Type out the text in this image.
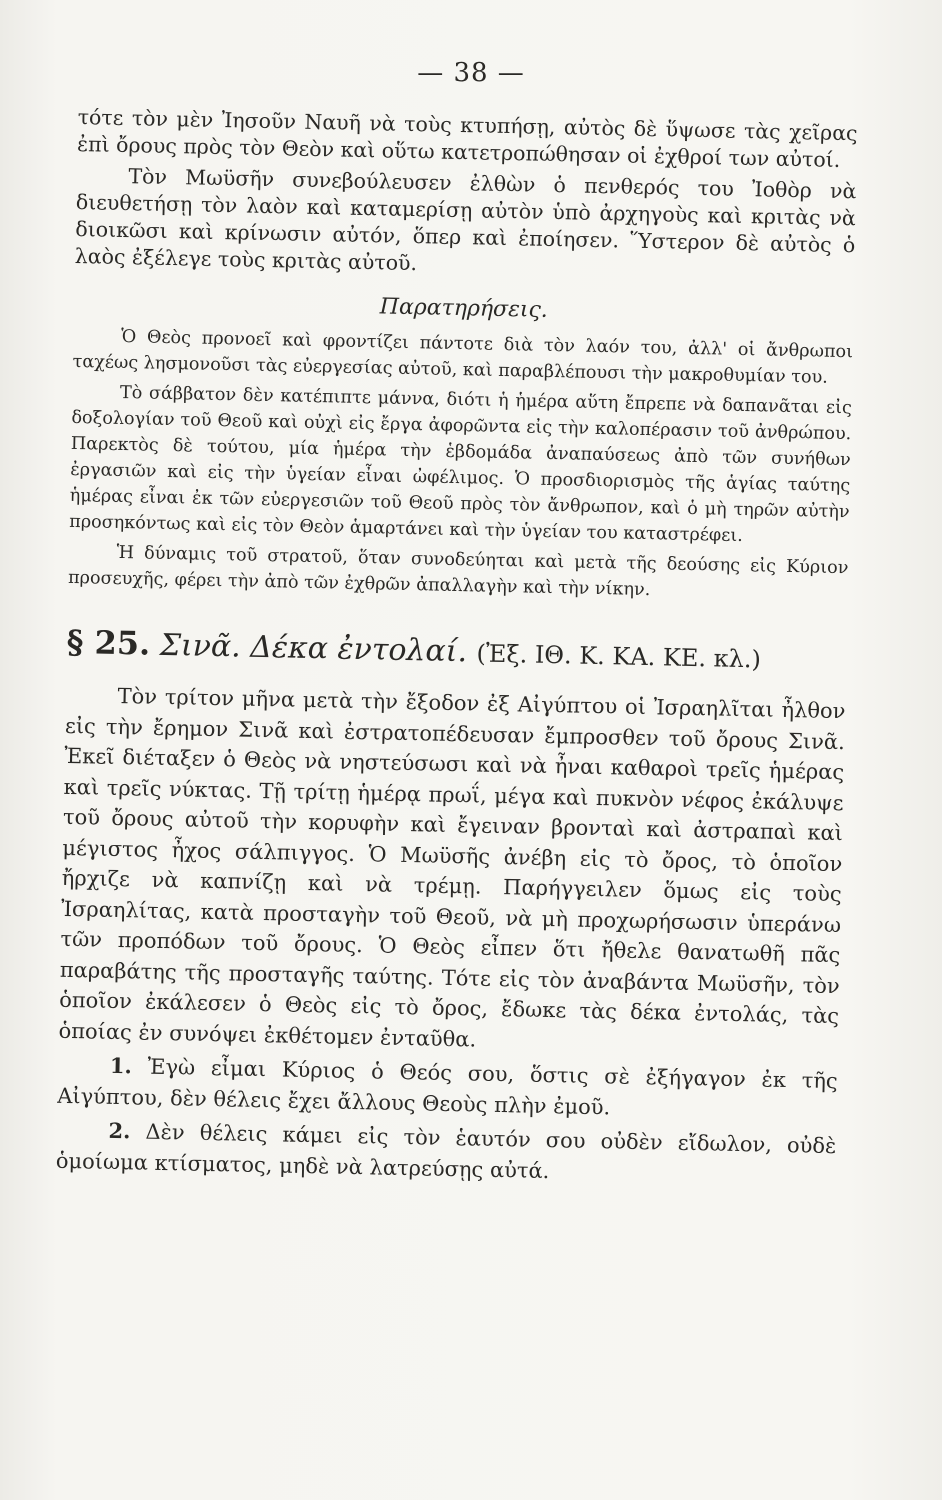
— 38 —

τότε τὸν μὲν Ἰησοῦν Ναυῆ νὰ τοὺς κτυπήσῃ, αὐτὸς δὲ ὕψωσε τὰς χεῖρας ἐπὶ ὄρους πρὸς τὸν Θεὸν καὶ οὕτω κατετροπώθησαν οἱ ἐχθροί των αὐτοί.

Τὸν Μωϋσῆν συνεβούλευσεν ἐλθὼν ὁ πενθερός του Ἰοθὸρ νὰ διευθετήσῃ τὸν λαὸν καὶ καταμερίσῃ αὐτὸν ὑπὸ ἀρχηγοὺς καὶ κριτὰς νὰ διοικῶσι καὶ κρίνωσιν αὐτόν, ὅπερ καὶ ἐποίησεν. Ὕστερον δὲ αὐτὸς ὁ λαὸς ἐξέλεγε τοὺς κριτὰς αὐτοῦ.

Παρατηρήσεις.

Ὁ Θεὸς προνοεῖ καὶ φροντίζει πάντοτε διὰ τὸν λαόν του, ἀλλ' οἱ ἄνθρωποι ταχέως λησμονοῦσι τὰς εὐεργεσίας αὐτοῦ, καὶ παραβλέπουσι τὴν μακροθυμίαν του.

Τὸ σάββατον δὲν κατέπιπτε μάννα, διότι ἡ ἡμέρα αὕτη ἔπρεπε νὰ δαπανᾶται εἰς δοξολογίαν τοῦ Θεοῦ καὶ οὐχὶ εἰς ἔργα ἀφορῶντα εἰς τὴν καλοπέρασιν τοῦ ἀνθρώπου. Παρεκτὸς δὲ τούτου, μία ἡμέρα τὴν ἑβδομάδα ἀναπαύσεως ἀπὸ τῶν συνήθων ἐργασιῶν καὶ εἰς τὴν ὑγείαν εἶναι ὠφέλιμος. Ὁ προσδιορισμὸς τῆς ἁγίας ταύτης ἡμέρας εἶναι ἐκ τῶν εὐεργεσιῶν τοῦ Θεοῦ πρὸς τὸν ἄνθρωπον, καὶ ὁ μὴ τηρῶν αὐτὴν προσηκόντως καὶ εἰς τὸν Θεὸν ἁμαρτάνει καὶ τὴν ὑγείαν του καταστρέφει.

Ἡ δύναμις τοῦ στρατοῦ, ὅταν συνοδεύηται καὶ μετὰ τῆς δεούσης εἰς Κύριον προσευχῆς, φέρει τὴν ἀπὸ τῶν ἐχθρῶν ἀπαλλαγὴν καὶ τὴν νίκην.

§ 25. Σινᾶ. Δέκα ἐντολαί. (Ἐξ. ΙΘ. Κ. ΚΑ. ΚΕ. κλ.)

Τὸν τρίτον μῆνα μετὰ τὴν ἔξοδον ἐξ Αἰγύπτου οἱ Ἰσραηλῖται ἦλθον εἰς τὴν ἔρημον Σινᾶ καὶ ἐστρατοπέδευσαν ἔμπροσθεν τοῦ ὄρους Σινᾶ. Ἐκεῖ διέταξεν ὁ Θεὸς νὰ νηστεύσωσι καὶ νὰ ἦναι καθαροὶ τρεῖς ἡμέρας καὶ τρεῖς νύκτας. Τῇ τρίτῃ ἡμέρᾳ πρωΐ, μέγα καὶ πυκνὸν νέφος ἐκάλυψε τοῦ ὄρους αὐτοῦ τὴν κορυφὴν καὶ ἔγειναν βρονταὶ καὶ ἀστραπαὶ καὶ μέγιστος ἦχος σάλπιγγος. Ὁ Μωϋσῆς ἀνέβη εἰς τὸ ὄρος, τὸ ὁποῖον ἤρχιζε νὰ καπνίζῃ καὶ νὰ τρέμῃ. Παρήγγειλεν ὅμως εἰς τοὺς Ἰσραηλίτας, κατὰ προσταγὴν τοῦ Θεοῦ, νὰ μὴ προχωρήσωσιν ὑπεράνω τῶν προπόδων τοῦ ὄρους. Ὁ Θεὸς εἶπεν ὅτι ἤθελε θανατωθῆ πᾶς παραβάτης τῆς προσταγῆς ταύτης. Τότε εἰς τὸν ἀναβάντα Μωϋσῆν, τὸν ὁποῖον ἐκάλεσεν ὁ Θεὸς εἰς τὸ ὄρος, ἔδωκε τὰς δέκα ἐντολάς, τὰς ὁποίας ἐν συνόψει ἐκθέτομεν ἐνταῦθα.

1. Ἐγὼ εἶμαι Κύριος ὁ Θεός σου, ὅστις σὲ ἐξήγαγον ἐκ τῆς Αἰγύπτου, δὲν θέλεις ἔχει ἄλλους Θεοὺς πλὴν ἐμοῦ.

2. Δὲν θέλεις κάμει εἰς τὸν ἑαυτόν σου οὐδὲν εἴδωλον, οὐδὲ ὁμοίωμα κτίσματος, μηδὲ νὰ λατρεύσῃς αὐτά.
